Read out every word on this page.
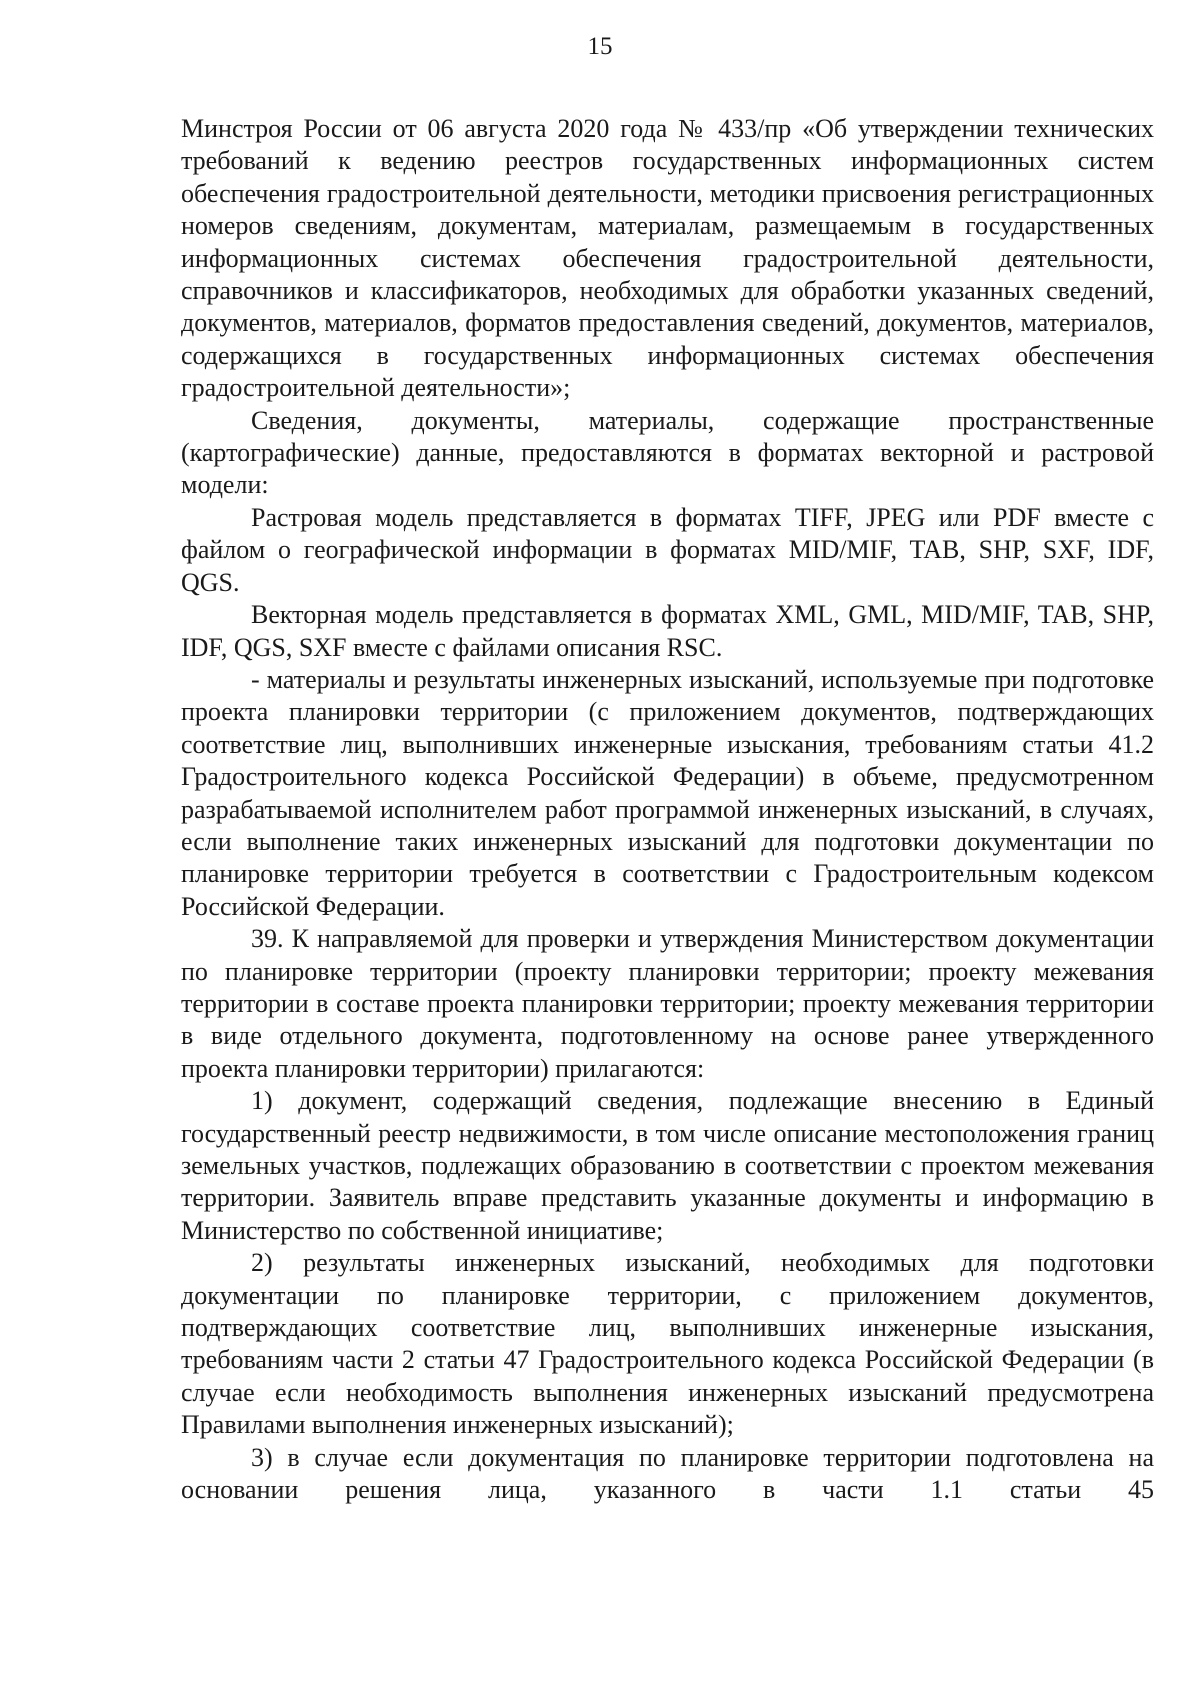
15

Минстроя России от 06 августа 2020 года № 433/пр «Об утверждении технических требований к ведению реестров государственных информационных систем обеспечения градостроительной деятельности, методики присвоения регистрационных номеров сведениям, документам, материалам, размещаемым в государственных информационных системах обеспечения градостроительной деятельности, справочников и классификаторов, необходимых для обработки указанных сведений, документов, материалов, форматов предоставления сведений, документов, материалов, содержащихся в государственных информационных системах обеспечения градостроительной деятельности»;

Сведения, документы, материалы, содержащие пространственные (картографические) данные, предоставляются в форматах векторной и растровой модели:

Растровая модель представляется в форматах TIFF, JPEG или PDF вместе с файлом о географической информации в форматах MID/MIF, TAB, SHP, SXF, IDF, QGS.

Векторная модель представляется в форматах XML, GML, MID/MIF, TAB, SHP, IDF, QGS, SXF вместе с файлами описания RSC.

- материалы и результаты инженерных изысканий, используемые при подготовке проекта планировки территории (с приложением документов, подтверждающих соответствие лиц, выполнивших инженерные изыскания, требованиям статьи 41.2 Градостроительного кодекса Российской Федерации) в объеме, предусмотренном разрабатываемой исполнителем работ программой инженерных изысканий, в случаях, если выполнение таких инженерных изысканий для подготовки документации по планировке территории требуется в соответствии с Градостроительным кодексом Российской Федерации.

39. К направляемой для проверки и утверждения Министерством документации по планировке территории (проекту планировки территории; проекту межевания территории в составе проекта планировки территории; проекту межевания территории в виде отдельного документа, подготовленному на основе ранее утвержденного проекта планировки территории) прилагаются:

1) документ, содержащий сведения, подлежащие внесению в Единый государственный реестр недвижимости, в том числе описание местоположения границ земельных участков, подлежащих образованию в соответствии с проектом межевания территории. Заявитель вправе представить указанные документы и информацию в Министерство по собственной инициативе;

2) результаты инженерных изысканий, необходимых для подготовки документации по планировке территории, с приложением документов, подтверждающих соответствие лиц, выполнивших инженерные изыскания, требованиям части 2 статьи 47 Градостроительного кодекса Российской Федерации (в случае если необходимость выполнения инженерных изысканий предусмотрена Правилами выполнения инженерных изысканий);

3) в случае если документация по планировке территории подготовлена на основании решения лица, указанного в части 1.1 статьи 45
